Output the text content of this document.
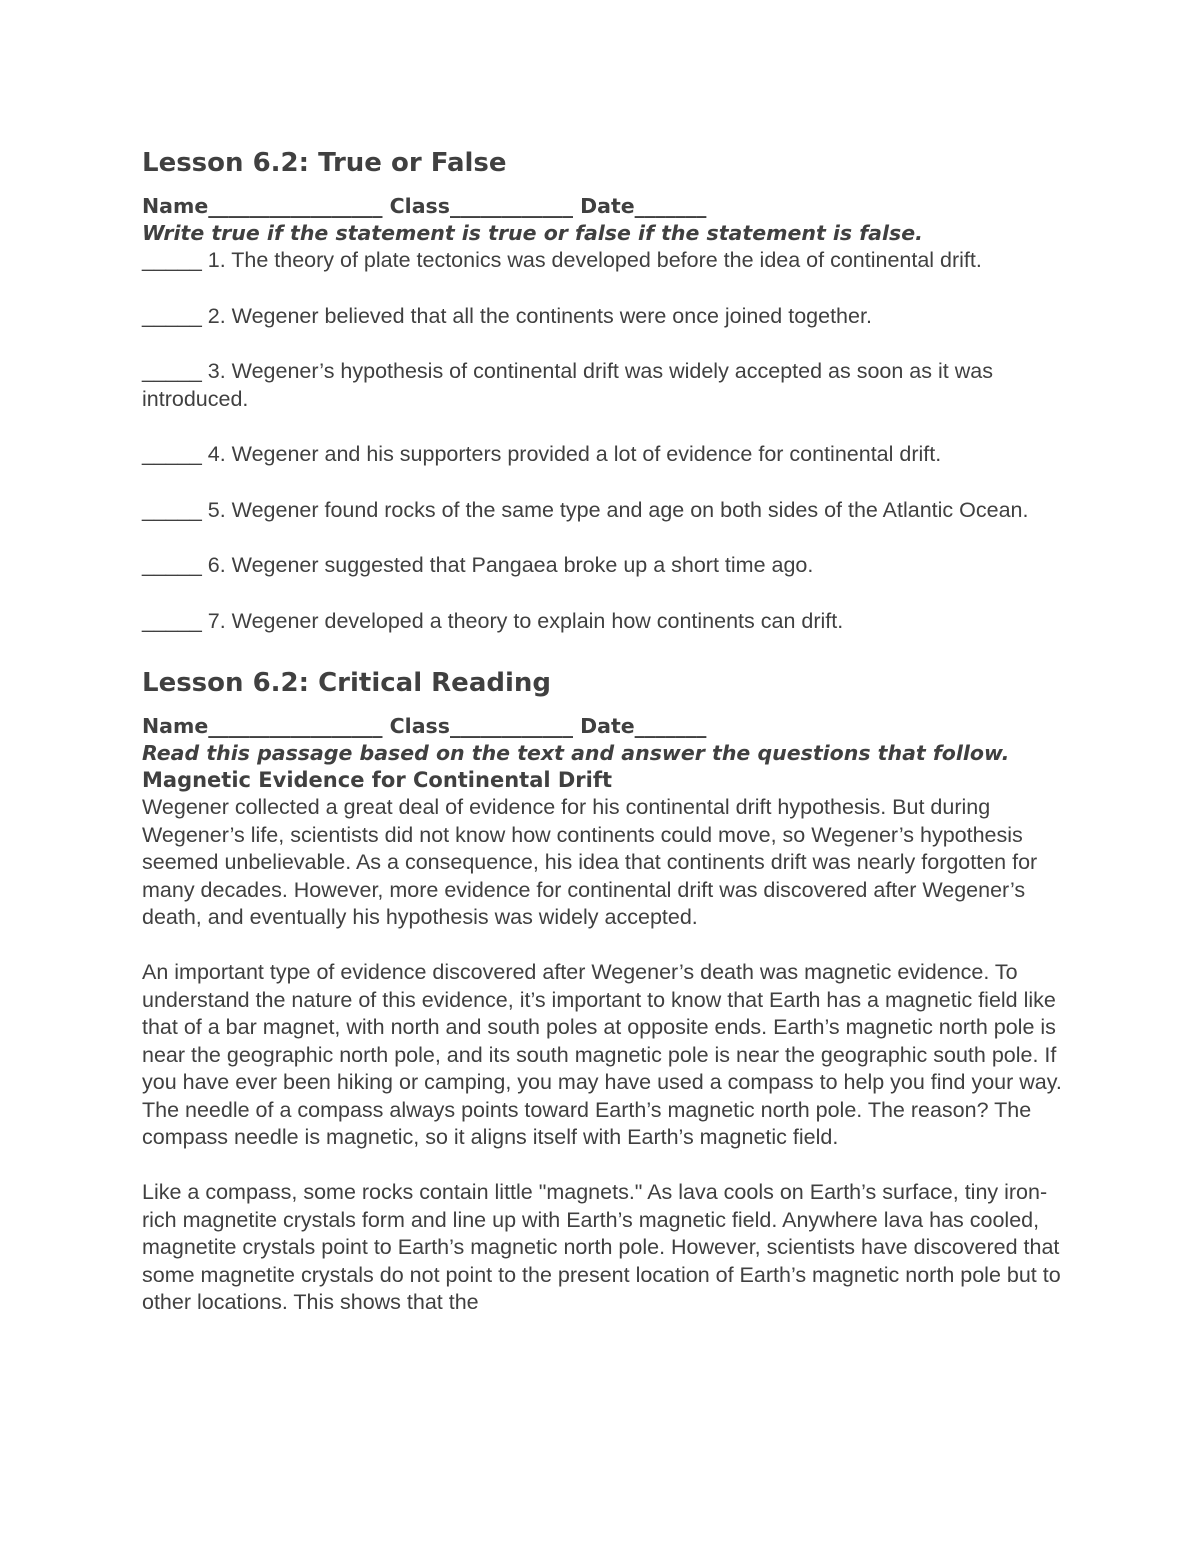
Lesson 6.2: True or False
Name_________________ Class____________ Date_______
Write true if the statement is true or false if the statement is false.

_____ 1. The theory of plate tectonics was developed before the idea of continental drift.

_____ 2. Wegener believed that all the continents were once joined together.

_____ 3. Wegener’s hypothesis of continental drift was widely accepted as soon as it was introduced.

_____ 4. Wegener and his supporters provided a lot of evidence for continental drift.

_____ 5. Wegener found rocks of the same type and age on both sides of the Atlantic Ocean.

_____ 6. Wegener suggested that Pangaea broke up a short time ago.

_____ 7. Wegener developed a theory to explain how continents can drift.

Lesson 6.2: Critical Reading
Name_________________ Class____________ Date_______
Read this passage based on the text and answer the questions that follow.
Magnetic Evidence for Continental Drift

Wegener collected a great deal of evidence for his continental drift hypothesis. But during Wegener’s life, scientists did not know how continents could move, so Wegener’s hypothesis seemed unbelievable. As a consequence, his idea that continents drift was nearly forgotten for many decades. However, more evidence for continental drift was discovered after Wegener’s death, and eventually his hypothesis was widely accepted.

An important type of evidence discovered after Wegener’s death was magnetic evidence. To understand the nature of this evidence, it’s important to know that Earth has a magnetic field like that of a bar magnet, with north and south poles at opposite ends. Earth’s magnetic north pole is near the geographic north pole, and its south magnetic pole is near the geographic south pole. If you have ever been hiking or camping, you may have used a compass to help you find your way. The needle of a compass always points toward Earth’s magnetic north pole. The reason? The compass needle is magnetic, so it aligns itself with Earth’s magnetic field.

Like a compass, some rocks contain little "magnets." As lava cools on Earth’s surface, tiny iron-rich magnetite crystals form and line up with Earth’s magnetic field. Anywhere lava has cooled, magnetite crystals point to Earth’s magnetic north pole. However, scientists have discovered that some magnetite crystals do not point to the present location of Earth’s magnetic north pole but to other locations. This shows that the
